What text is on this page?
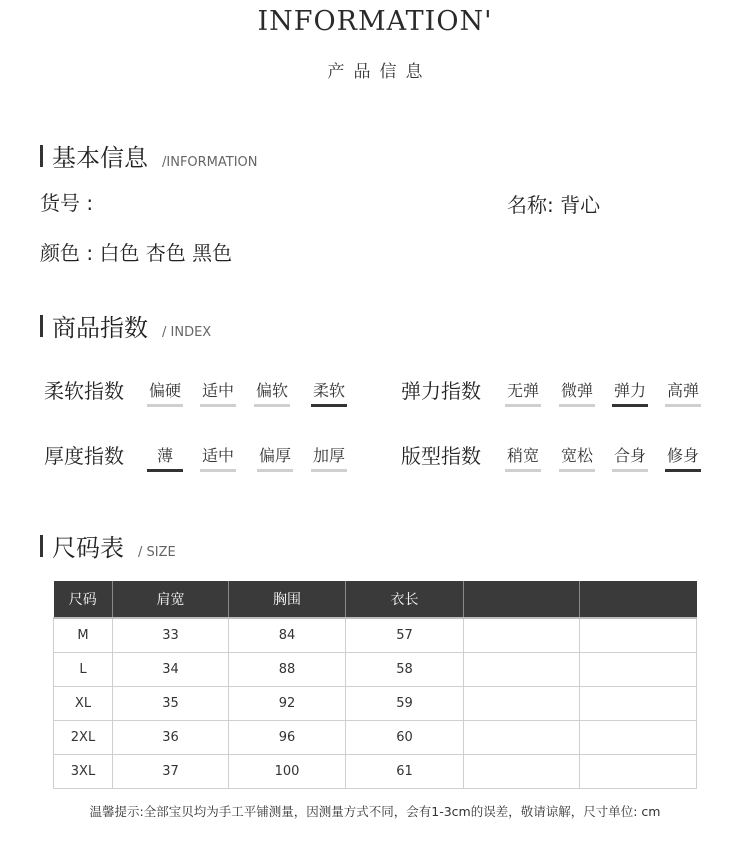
INFORMATION'
产品信息
基本信息 /INFORMATION
货号 :	名称: 背心
颜色 : 白色 杏色 黑色
商品指数 / INDEX
柔软指数 偏硬 适中 偏软 柔软	弹力指数 无弹 微弹 弹力 高弹
厚度指数	薄	适中 偏厚 加厚	版型指数 稍宽 宽松 合身 修身
尺码表 / SIZE
尺码	肩宽	胸围	衣长		
M	33	84	57		
L	34	88	58		
XL	35	92	59		
2XL	36	96	60		
3XL	37	100	61		
温馨提示:全部宝贝均为手工平铺测量，因测量方式不同，会有1-3cm的误差，敬请谅解，尺寸单位: cm
